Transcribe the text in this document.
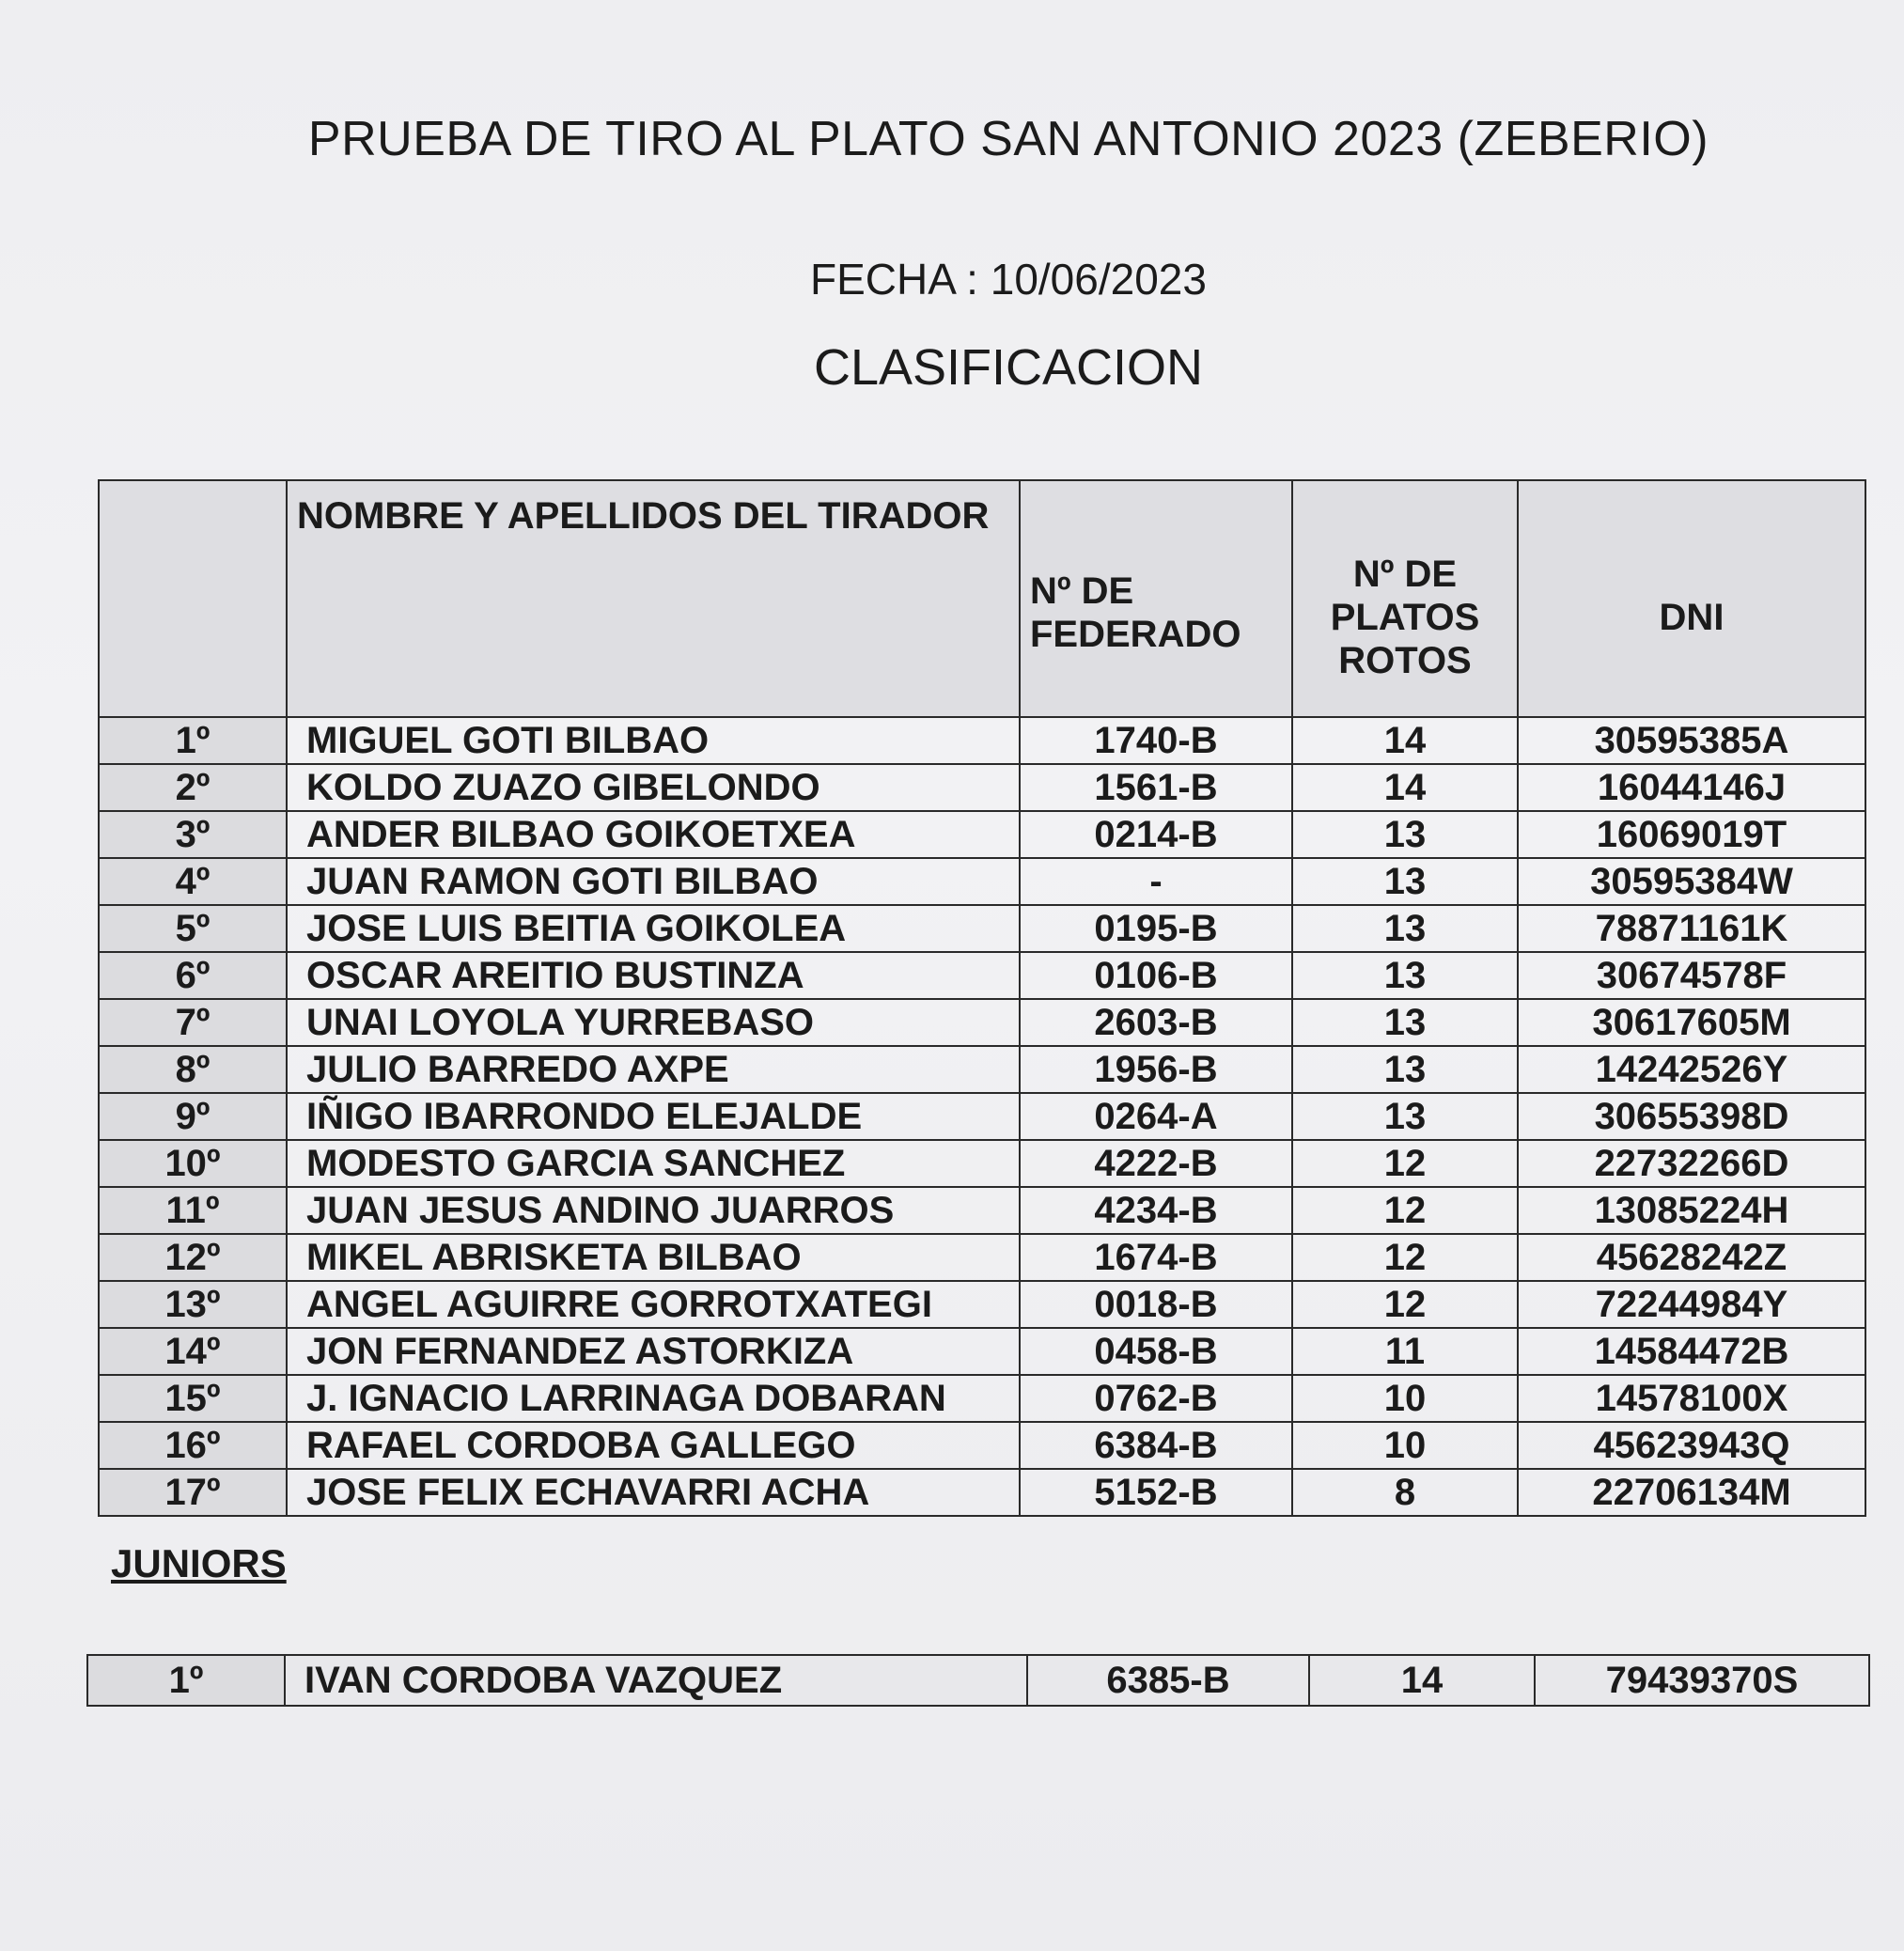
PRUEBA DE TIRO AL PLATO SAN ANTONIO 2023 (ZEBERIO)
FECHA : 10/06/2023
CLASIFICACION
	NOMBRE Y APELLIDOS DEL TIRADOR	Nº DE FEDERADO	Nº DE PLATOS ROTOS	DNI
1º	MIGUEL GOTI BILBAO	1740-B	14	30595385A
2º	KOLDO ZUAZO GIBELONDO	1561-B	14	16044146J
3º	ANDER BILBAO GOIKOETXEA	0214-B	13	16069019T
4º	JUAN RAMON GOTI BILBAO	-	13	30595384W
5º	JOSE LUIS BEITIA GOIKOLEA	0195-B	13	78871161K
6º	OSCAR AREITIO BUSTINZA	0106-B	13	30674578F
7º	UNAI LOYOLA YURREBASO	2603-B	13	30617605M
8º	JULIO BARREDO AXPE	1956-B	13	14242526Y
9º	IÑIGO IBARRONDO ELEJALDE	0264-A	13	30655398D
10º	MODESTO GARCIA SANCHEZ	4222-B	12	22732266D
11º	JUAN JESUS ANDINO JUARROS	4234-B	12	13085224H
12º	MIKEL ABRISKETA BILBAO	1674-B	12	45628242Z
13º	ANGEL AGUIRRE GORROTXATEGI	0018-B	12	72244984Y
14º	JON FERNANDEZ ASTORKIZA	0458-B	11	14584472B
15º	J. IGNACIO LARRINAGA DOBARAN	0762-B	10	14578100X
16º	RAFAEL CORDOBA GALLEGO	6384-B	10	45623943Q
17º	JOSE FELIX ECHAVARRI ACHA	5152-B	8	22706134M
JUNIORS
1º	IVAN CORDOBA VAZQUEZ	6385-B	14	79439370S
